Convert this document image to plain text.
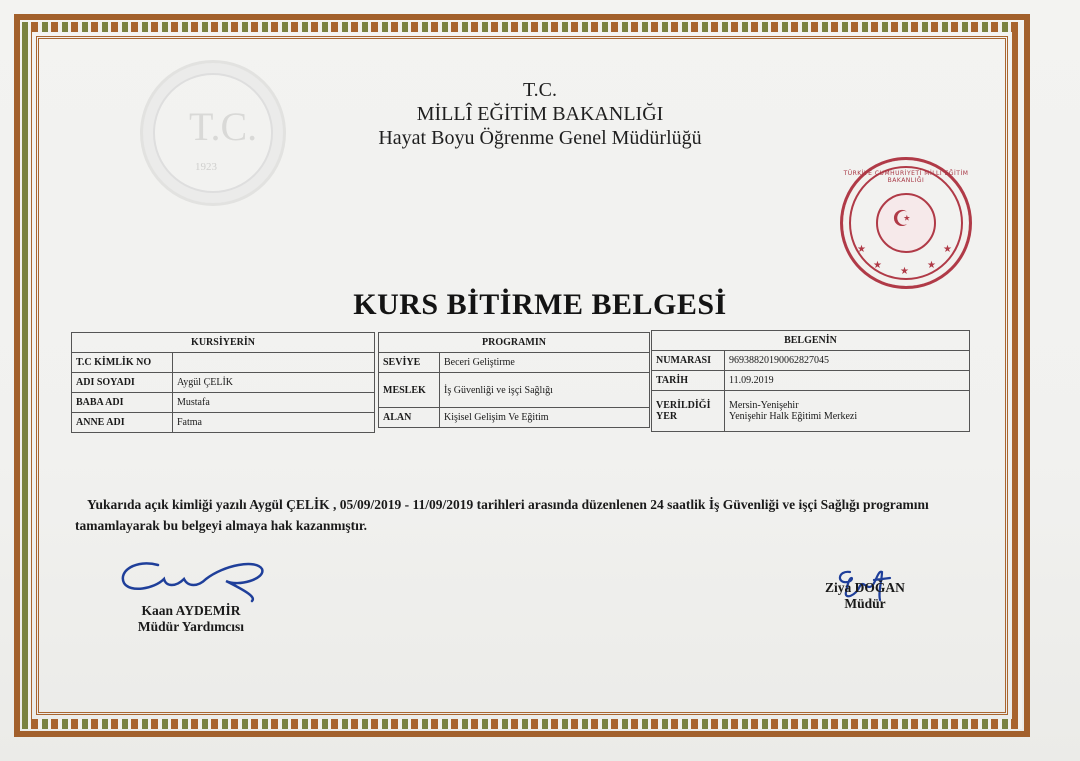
T.C.
1923
T.C.
MİLLÎ EĞİTİM BAKANLIĞI
Hayat Boyu Öğrenme Genel Müdürlüğü
TÜRKİYE CUMHURİYETİ MİLLÎ EĞİTİM BAKANLIĞI
☪
★
★
★
★
★
KURS BİTİRME BELGESİ
KURSİYERİN	
T.C KİMLİK NO	
ADI SOYADI	Aygül ÇELİK
BABA ADI	Mustafa
ANNE ADI	Fatma
PROGRAMIN	
SEVİYE	Beceri Geliştirme
MESLEK	İş Güvenliği ve işçi Sağlığı
ALAN	Kişisel Gelişim Ve Eğitim
BELGENİN	
NUMARASI	969388201900628270​45
TARİH	11.09.2019
VERİLDİĞİ YER	Mersin-Yenişehir
Yenişehir Halk Eğitimi Merkezi
Yukarıda açık kimliği yazılı Aygül ÇELİK , 05/09/2019 - 11/09/2019 tarihleri arasında düzenlenen 24 saatlik İş Güvenliği ve işçi Sağlığı programını tamamlayarak bu belgeyi almaya hak kazanmıştır.
Kaan AYDEMİR
Müdür Yardımcısı
Ziya DOĞAN
Müdür
